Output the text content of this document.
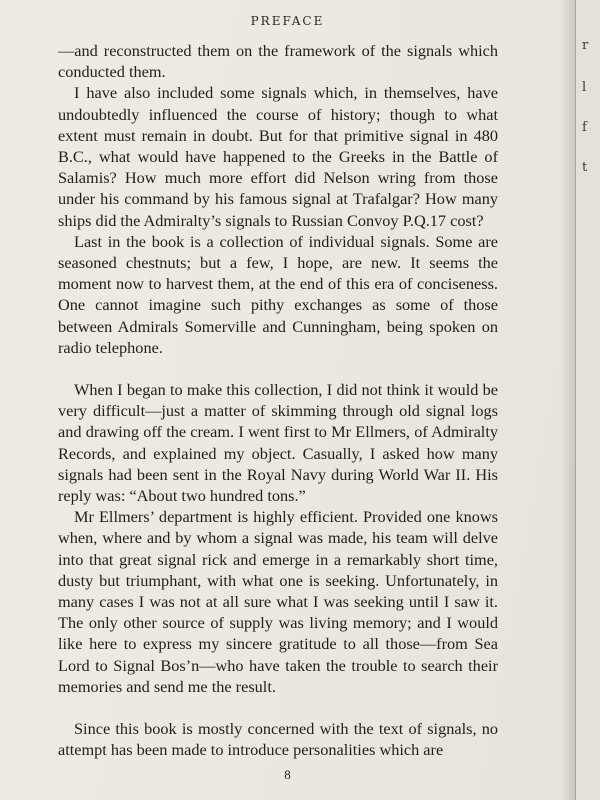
PREFACE

—and reconstructed them on the framework of the signals which conducted them.

I have also included some signals which, in themselves, have undoubtedly influenced the course of history; though to what extent must remain in doubt. But for that primitive signal in 480 B.C., what would have happened to the Greeks in the Battle of Salamis? How much more effort did Nelson wring from those under his command by his famous signal at Trafalgar? How many ships did the Admiralty’s signals to Russian Convoy P.Q.17 cost?

Last in the book is a collection of individual signals. Some are seasoned chestnuts; but a few, I hope, are new. It seems the moment now to harvest them, at the end of this era of conciseness. One cannot imagine such pithy exchanges as some of those between Admirals Somerville and Cunningham, being spoken on radio telephone.

When I began to make this collection, I did not think it would be very difficult—just a matter of skimming through old signal logs and drawing off the cream. I went first to Mr Ellmers, of Admiralty Records, and explained my object. Casually, I asked how many signals had been sent in the Royal Navy during World War II. His reply was: “About two hundred tons.”

Mr Ellmers’ department is highly efficient. Provided one knows when, where and by whom a signal was made, his team will delve into that great signal rick and emerge in a remarkably short time, dusty but triumphant, with what one is seeking. Unfortunately, in many cases I was not at all sure what I was seeking until I saw it. The only other source of supply was living memory; and I would like here to express my sincere gratitude to all those—from Sea Lord to Signal Bos’n—who have taken the trouble to search their memories and send me the result.

Since this book is mostly concerned with the text of signals, no attempt has been made to introduce personalities which are

8
r
l
f
t
